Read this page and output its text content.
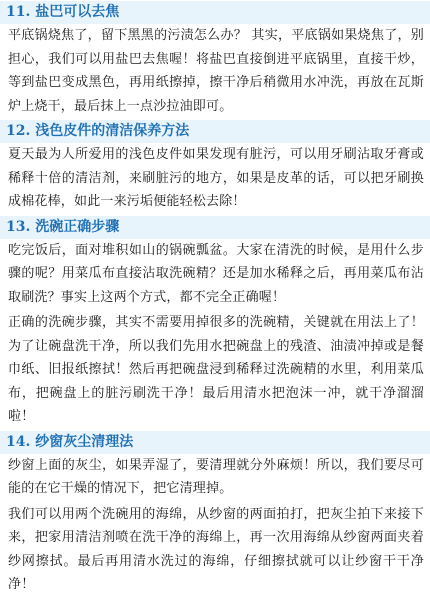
11. 盐巴可以去焦

平底锅烧焦了，留下黑黑的污渍怎么办？ 其实，平底锅如果烧焦了，别担心，我们可以用盐巴去焦喔！将盐巴直接倒进平底锅里，直接干炒，等到盐巴变成黑色，再用纸擦掉，擦干净后稍微用水冲洗，再放在瓦斯炉上烧干，最后抹上一点沙拉油即可。

12. 浅色皮件的清洁保养方法

夏天最为人所爱用的浅色皮件如果发现有脏污，可以用牙刷沾取牙膏或稀释十倍的清洁剂，来刷脏污的地方，如果是皮革的话，可以把牙刷换成棉花棒，如此一来污垢便能轻松去除！

13. 洗碗正确步骤

吃完饭后，面对堆积如山的锅碗瓢盆。大家在清洗的时候，是用什么步骤的呢？用菜瓜布直接沾取洗碗精？还是加水稀释之后，再用菜瓜布沾取刷洗？事实上这两个方式，都不完全正确喔！

正确的洗碗步骤，其实不需要用掉很多的洗碗精，关键就在用法上了！为了让碗盘洗干净，所以我们先用水把碗盘上的残渣、油渍冲掉或是餐巾纸、旧报纸擦拭！然后再把碗盘浸到稀释过洗碗精的水里，利用菜瓜布，把碗盘上的脏污刷洗干净！最后用清水把泡沫一冲，就干净溜溜啦！

14. 纱窗灰尘清理法

纱窗上面的灰尘，如果弄湿了，要清理就分外麻烦！所以，我们要尽可能的在它干燥的情况下，把它清理掉。

我们可以用两个洗碗用的海绵，从纱窗的两面拍打，把灰尘拍下来接下来，把家用清洁剂喷在洗干净的海绵上，再一次用海绵从纱窗两面夹着纱网擦拭。最后再用清水洗过的海绵，仔细擦拭就可以让纱窗干干净净！
